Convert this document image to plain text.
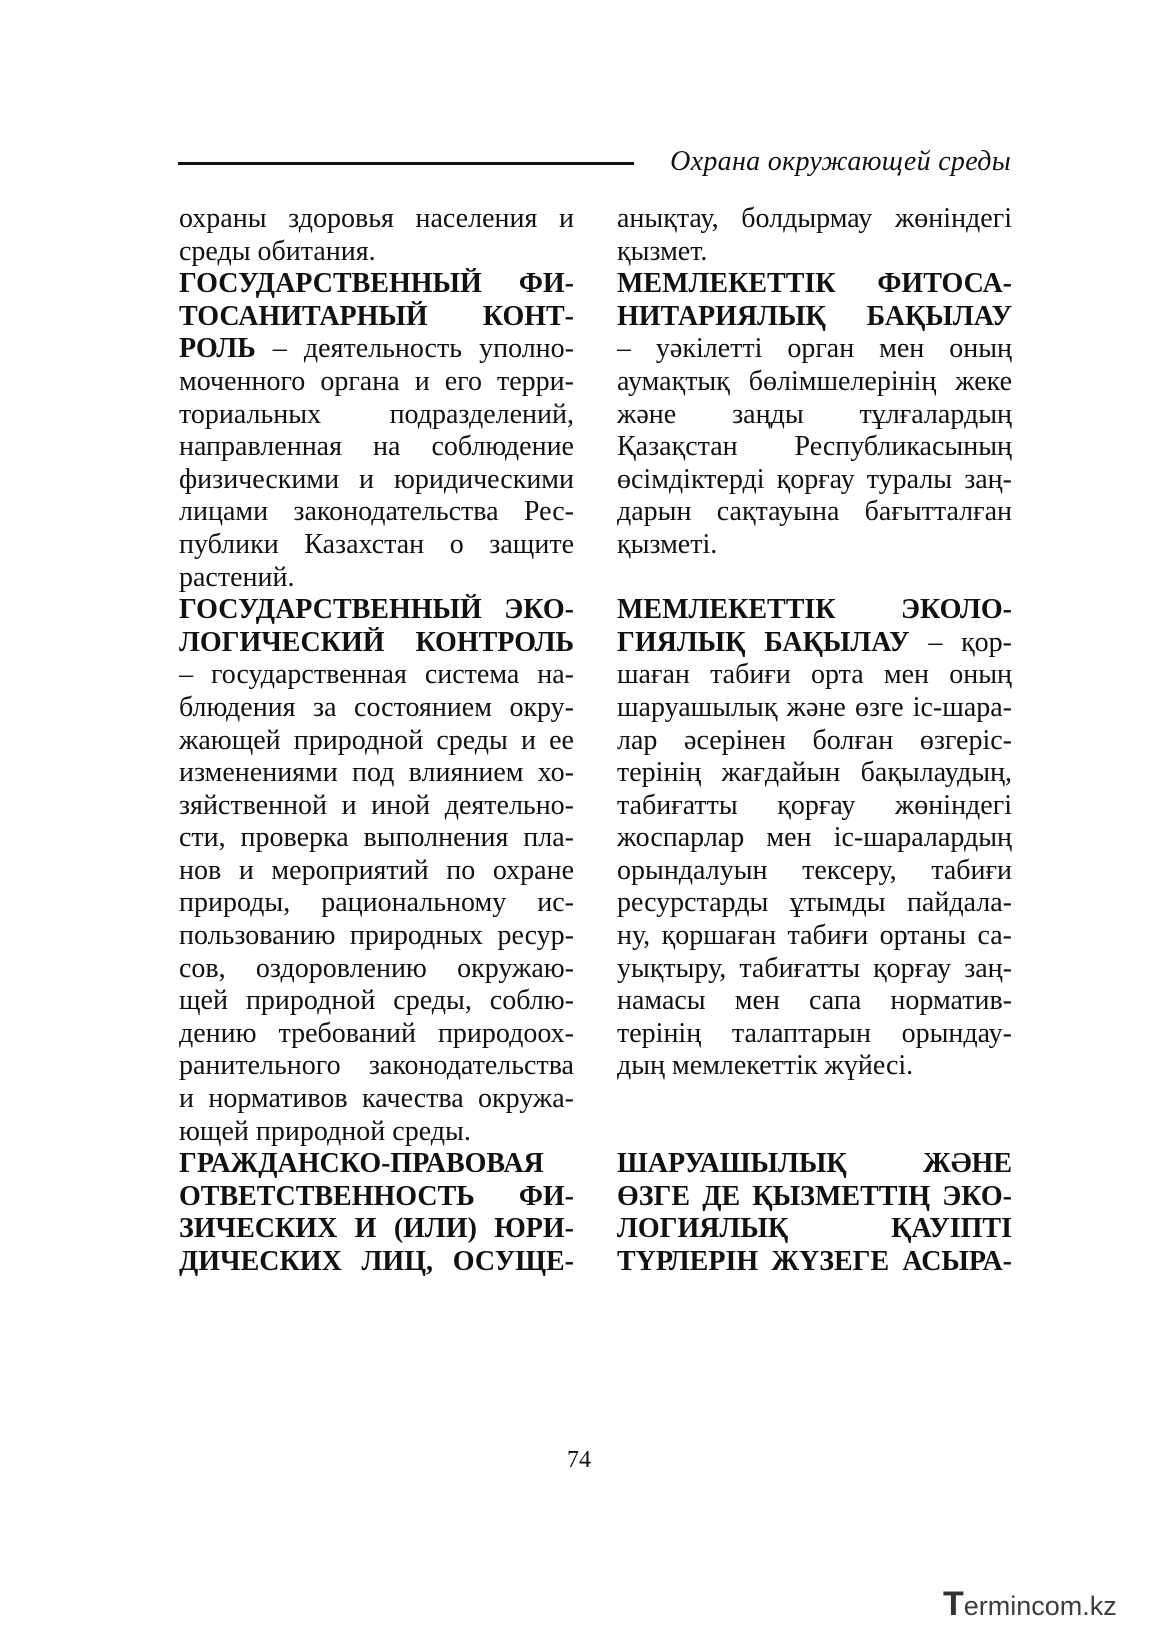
Охрана окружающей среды
охраны здоровья населения и
среды обитания.
ГОСУДАРСТВЕННЫЙ ФИ-
ТОСАНИТАРНЫЙ КОНТ-
РОЛЬ – деятельность уполно-
моченного органа и его терри-
ториальных подразделений,
направленная на соблюдение
физическими и юридическими
лицами законодательства Рес-
публики Казахстан о защите
растений.
ГОСУДАРСТВЕННЫЙ ЭКО-
ЛОГИЧЕСКИЙ КОНТРОЛЬ
– государственная система на-
блюдения за состоянием окру-
жающей природной среды и ее
изменениями под влиянием хо-
зяйственной и иной деятельно-
сти, проверка выполнения пла-
нов и мероприятий по охране
природы, рациональному ис-
пользованию природных ресур-
сов, оздоровлению окружаю-
щей природной среды, соблю-
дению требований природоох-
ранительного законодательства
и нормативов качества окружа-
ющей природной среды.
ГРАЖДАНСКО-ПРАВОВАЯ
ОТВЕТСТВЕННОСТЬ ФИ-
ЗИЧЕСКИХ И (ИЛИ) ЮРИ-
ДИЧЕСКИХ ЛИЦ, ОСУЩЕ-
анықтау, болдырмау жөніндегі
қызмет.
МЕМЛЕКЕТТІК ФИТОСА-
НИТАРИЯЛЫҚ БАҚЫЛАУ
– уәкілетті орган мен оның
аумақтық бөлімшелерінің жеке
және заңды тұлғалардың
Қазақстан Республикасының
өсімдіктерді қорғау туралы заң-
дарын сақтауына бағытталған
қызметі.
МЕМЛЕКЕТТІК ЭКОЛО-
ГИЯЛЫҚ БАҚЫЛАУ – қор-
шаған табиғи орта мен оның
шаруашылық және өзге іс-шара-
лар әсерінен болған өзгеріс-
терінің жағдайын бақылаудың,
табиғатты қорғау жөніндегі
жоспарлар мен іс-шаралардың
орындалуын тексеру, табиғи
ресурстарды ұтымды пайдала-
ну, қоршаған табиғи ортаны са-
уықтыру, табиғатты қорғау заң-
намасы мен сапа норматив-
терінің талаптарын орындау-
дың мемлекеттік жүйесі.
ШАРУАШЫЛЫҚ ЖӘНЕ
ӨЗГЕ ДЕ ҚЫЗМЕТТІҢ ЭКО-
ЛОГИЯЛЫҚ ҚАУІПТІ
ТҮРЛЕРІН ЖҮЗЕГЕ АСЫРА-
74
Termincom.kz
